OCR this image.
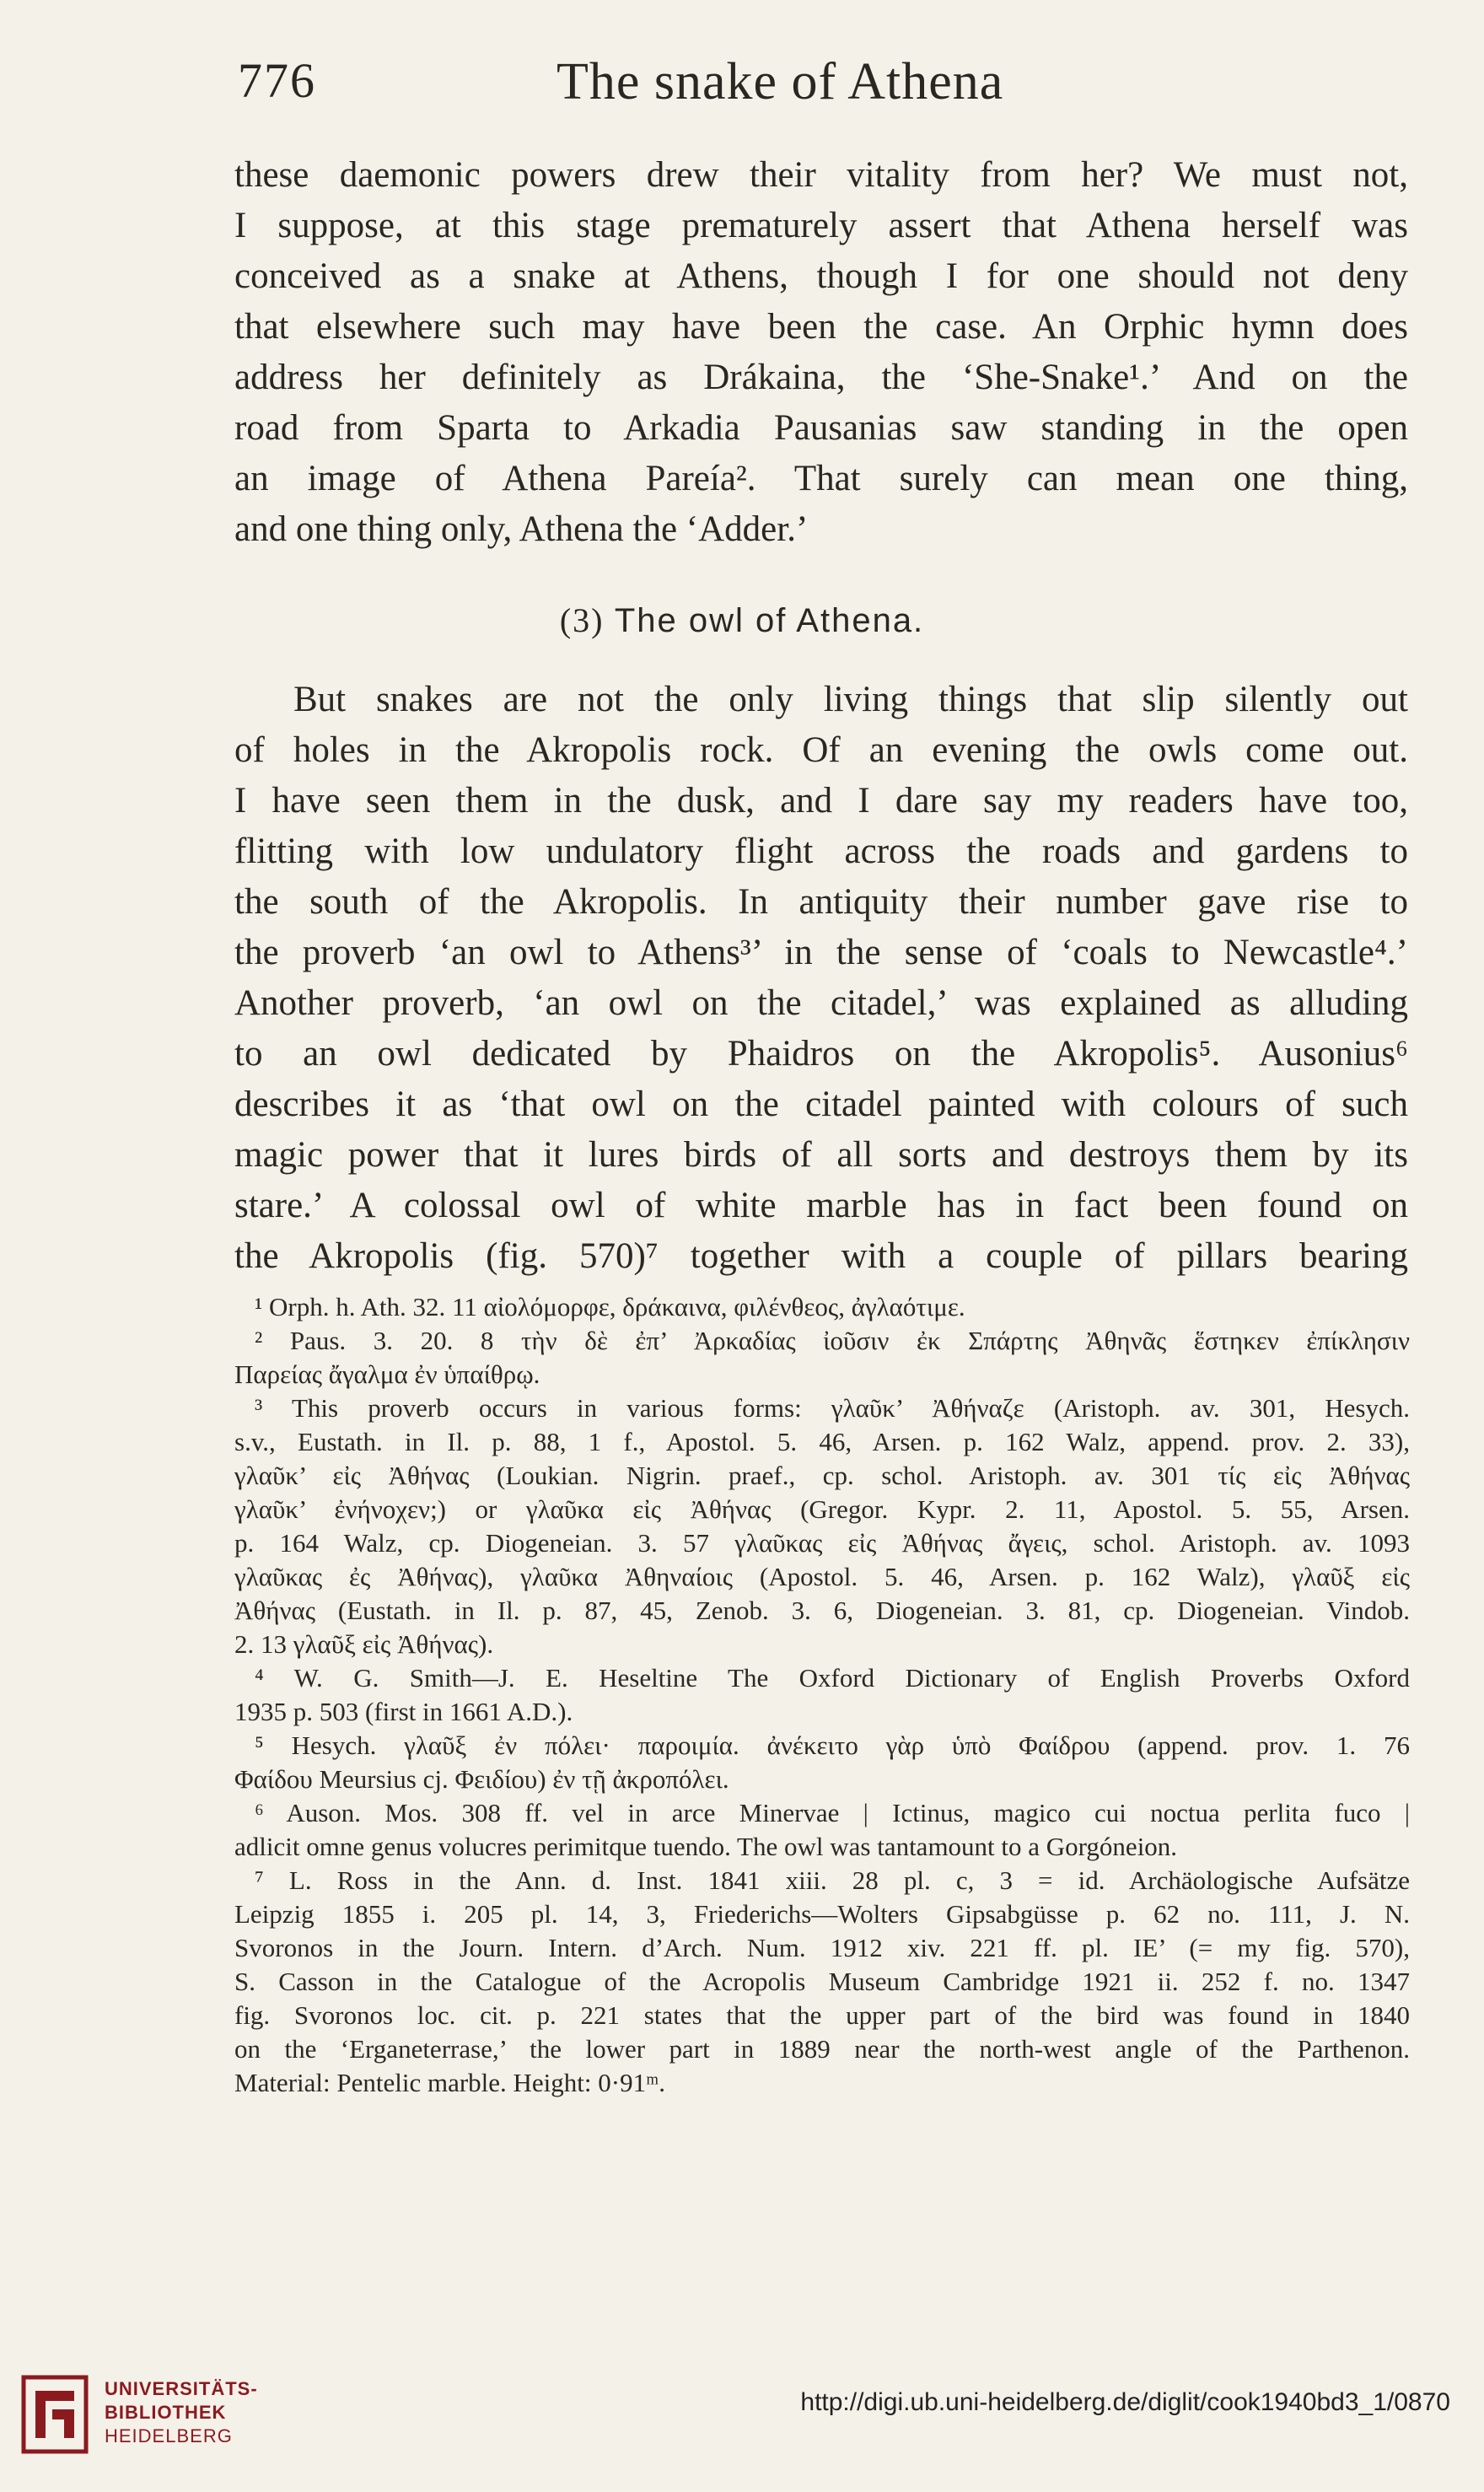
776	The snake of Athena
these daemonic powers drew their vitality from her? We must not,
I suppose, at this stage prematurely assert that Athena herself was
conceived as a snake at Athens, though I for one should not deny
that elsewhere such may have been the case. An Orphic hymn does
address her definitely as Drákaina, the ‘She-Snake¹.’ And on the
road from Sparta to Arkadia Pausanias saw standing in the open
an image of Athena Pareía². That surely can mean one thing,
and one thing only, Athena the ‘Adder.’
(3) The owl of Athena.
But snakes are not the only living things that slip silently out
of holes in the Akropolis rock. Of an evening the owls come out.
I have seen them in the dusk, and I dare say my readers have too,
flitting with low undulatory flight across the roads and gardens to
the south of the Akropolis. In antiquity their number gave rise to
the proverb ‘an owl to Athens³’ in the sense of ‘coals to Newcastle⁴.’
Another proverb, ‘an owl on the citadel,’ was explained as alluding
to an owl dedicated by Phaidros on the Akropolis⁵. Ausonius⁶
describes it as ‘that owl on the citadel painted with colours of such
magic power that it lures birds of all sorts and destroys them by its
stare.’ A colossal owl of white marble has in fact been found on
the Akropolis (fig. 570)⁷ together with a couple of pillars bearing
¹ Orph. h. Ath. 32. 11 αἰολόμορφε, δράκαινα, φιλένθεος, ἀγλαότιμε.
² Paus. 3. 20. 8 τὴν δὲ ἐπ’ Ἀρκαδίας ἰοῦσιν ἐκ Σπάρτης Ἀθηνᾶς ἕστηκεν ἐπίκλησιν
Παρείας ἄγαλμα ἐν ὑπαίθρῳ.
³ This proverb occurs in various forms: γλαῦκ’ Ἀθήναζε (Aristoph. av. 301, Hesych.
s.v., Eustath. in Il. p. 88, 1 f., Apostol. 5. 46, Arsen. p. 162 Walz, append. prov. 2. 33),
γλαῦκ’ εἰς Ἀθήνας (Loukian. Nigrin. praef., cp. schol. Aristoph. av. 301 τίς εἰς Ἀθήνας
γλαῦκ’ ἐνήνοχεν;) or γλαῦκα εἰς Ἀθήνας (Gregor. Kypr. 2. 11, Apostol. 5. 55, Arsen.
p. 164 Walz, cp. Diogeneian. 3. 57 γλαῦκας εἰς Ἀθήνας ἄγεις, schol. Aristoph. av. 1093
γλαῦκας ἐς Ἀθήνας), γλαῦκα Ἀθηναίοις (Apostol. 5. 46, Arsen. p. 162 Walz), γλαῦξ εἰς
Ἀθήνας (Eustath. in Il. p. 87, 45, Zenob. 3. 6, Diogeneian. 3. 81, cp. Diogeneian. Vindob.
2. 13 γλαῦξ εἰς Ἀθήνας).
⁴ W. G. Smith—J. E. Heseltine The Oxford Dictionary of English Proverbs Oxford
1935 p. 503 (first in 1661 A.D.).
⁵ Hesych. γλαῦξ ἐν πόλει· παροιμία. ἀνέκειτο γὰρ ὑπὸ Φαίδρου (append. prov. 1. 76
Φαίδου Meursius cj. Φειδίου) ἐν τῇ ἀκροπόλει.
⁶ Auson. Mos. 308 ff. vel in arce Minervae | Ictinus, magico cui noctua perlita fuco |
adlicit omne genus volucres perimitque tuendo. The owl was tantamount to a Gorgóneion.
⁷ L. Ross in the Ann. d. Inst. 1841 xiii. 28 pl. c, 3 = id. Archäologische Aufsätze
Leipzig 1855 i. 205 pl. 14, 3, Friederichs—Wolters Gipsabgüsse p. 62 no. 111, J. N.
Svoronos in the Journ. Intern. d’Arch. Num. 1912 xiv. 221 ff. pl. IE’ (= my fig. 570),
S. Casson in the Catalogue of the Acropolis Museum Cambridge 1921 ii. 252 f. no. 1347
fig. Svoronos loc. cit. p. 221 states that the upper part of the bird was found in 1840
on the ‘Erganeterrase,’ the lower part in 1889 near the north-west angle of the Parthenon.
Material: Pentelic marble. Height: 0·91ᵐ.
UNIVERSITÄTS-
BIBLIOTHEK
HEIDELBERG
http://digi.ub.uni-heidelberg.de/diglit/cook1940bd3_1/0870
